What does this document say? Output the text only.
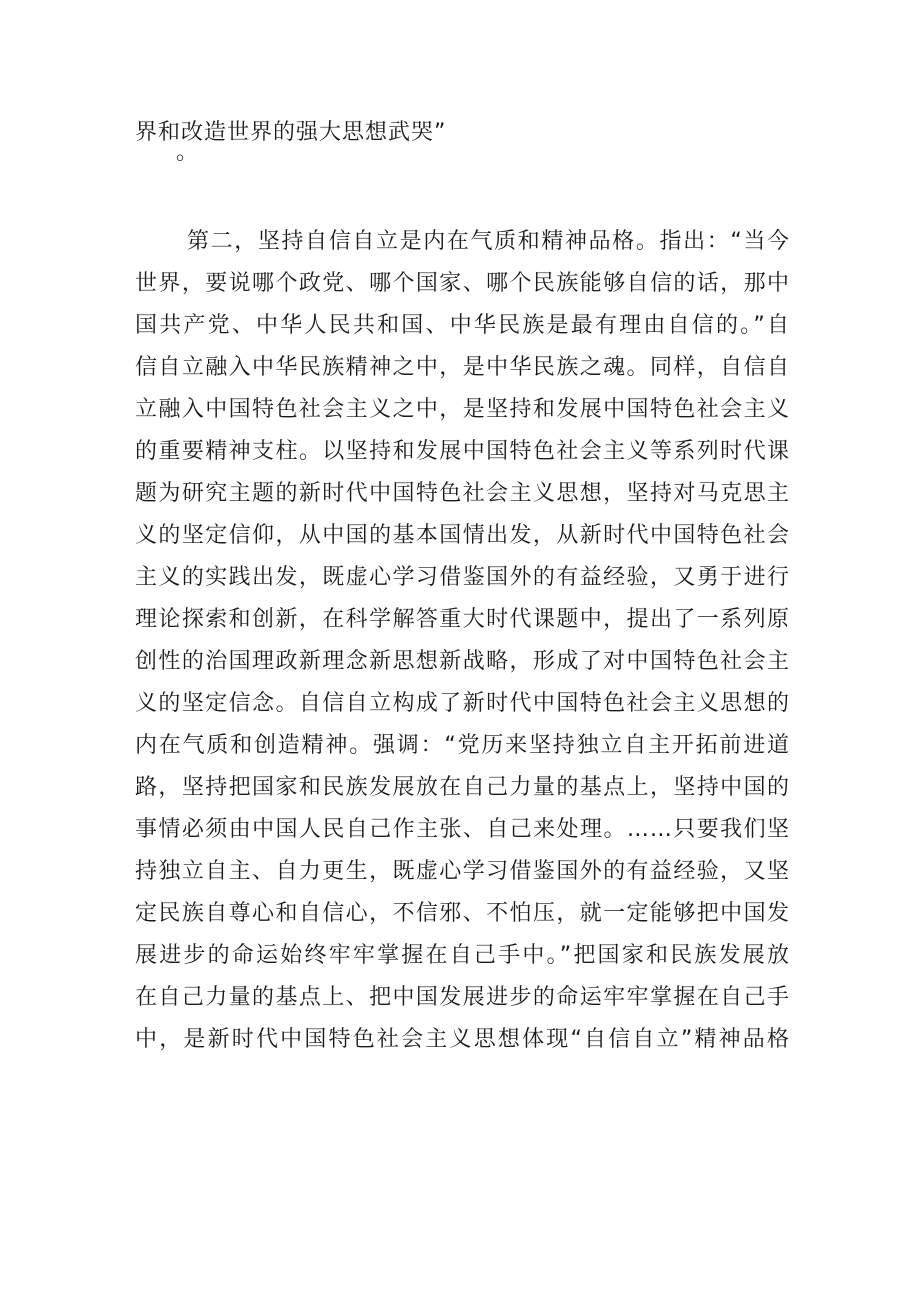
界和改造世界的强大思想武哭”
。
第二，坚持自信自立是内在气质和精神品格。指出：“当今
世界，要说哪个政党、哪个国家、哪个民族能够自信的话，那中
国共产党、中华人民共和国、中华民族是最有理由自信的。”自
信自立融入中华民族精神之中，是中华民族之魂。同样，自信自
立融入中国特色社会主义之中，是坚持和发展中国特色社会主义
的重要精神支柱。以坚持和发展中国特色社会主义等系列时代课
题为研究主题的新时代中国特色社会主义思想，坚持对马克思主
义的坚定信仰，从中国的基本国情出发，从新时代中国特色社会
主义的实践出发，既虚心学习借鉴国外的有益经验，又勇于进行
理论探索和创新，在科学解答重大时代课题中，提出了一系列原
创性的治国理政新理念新思想新战略，形成了对中国特色社会主
义的坚定信念。自信自立构成了新时代中国特色社会主义思想的
内在气质和创造精神。强调：“党历来坚持独立自主开拓前进道
路，坚持把国家和民族发展放在自己力量的基点上，坚持中国的
事情必须由中国人民自己作主张、自己来处理。……只要我们坚
持独立自主、自力更生，既虚心学习借鉴国外的有益经验，又坚
定民族自尊心和自信心，不信邪、不怕压，就一定能够把中国发
展进步的命运始终牢牢掌握在自己手中。”把国家和民族发展放
在自己力量的基点上、把中国发展进步的命运牢牢掌握在自己手
中，是新时代中国特色社会主义思想体现“自信自立”精神品格
